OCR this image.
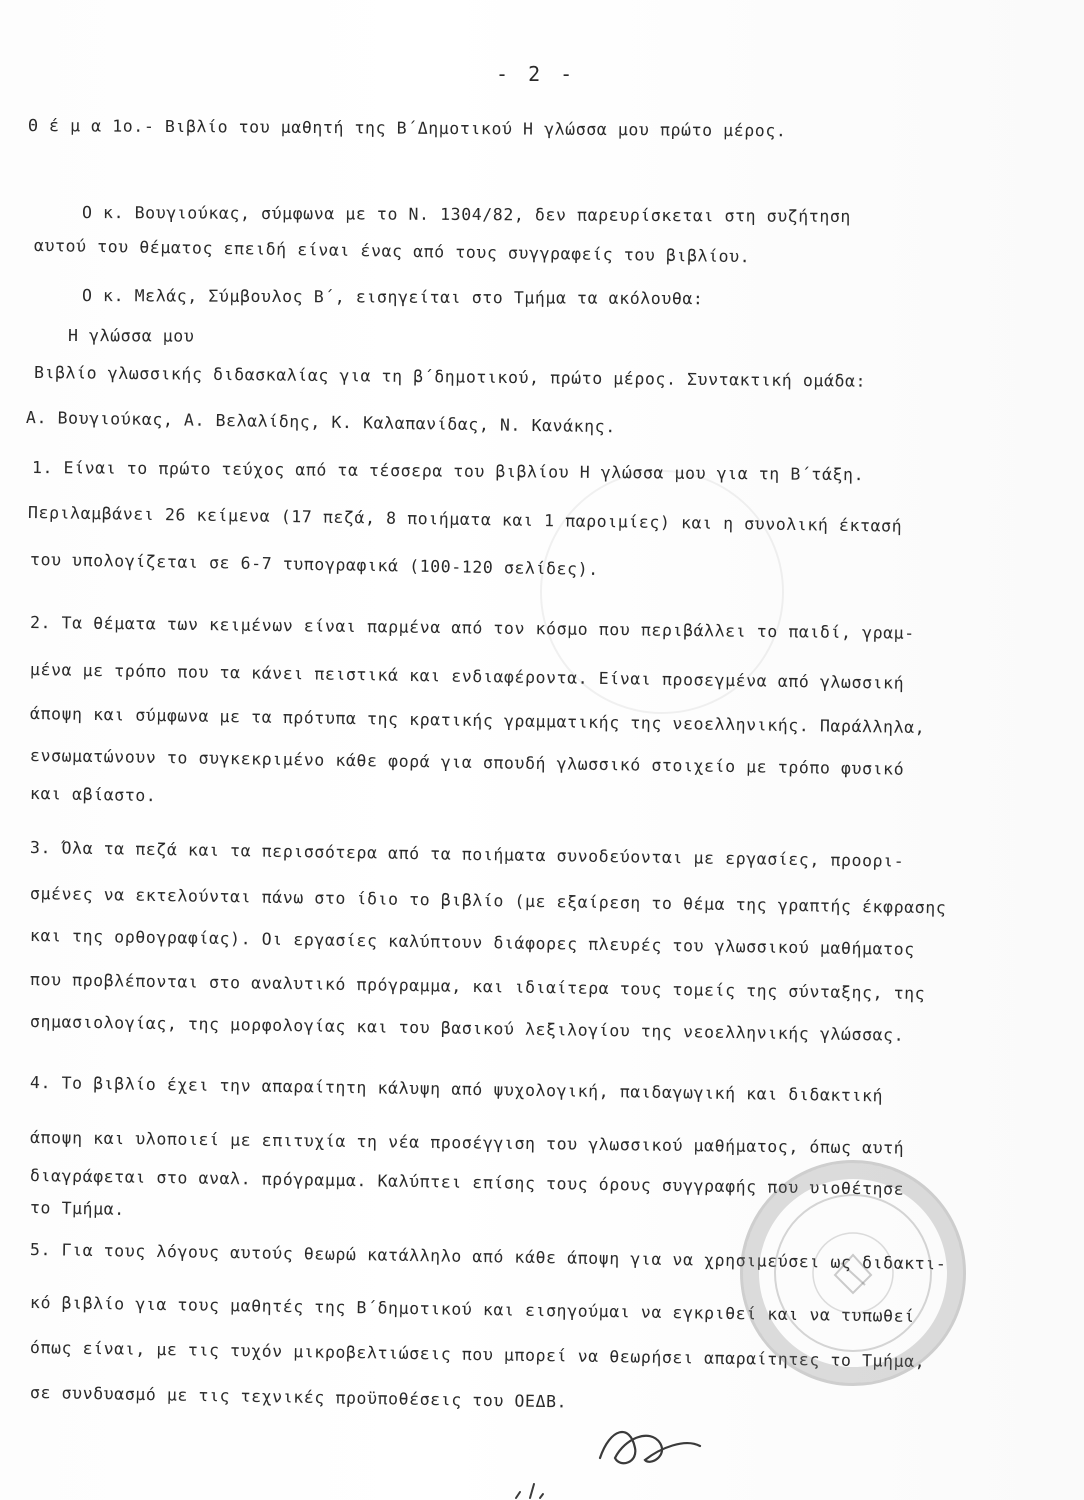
- 2 -
Θ έ μ α 1ο.- Βιβλίο του μαθητή της Β΄Δημοτικού Η γλώσσα μου πρώτο μέρος.
Ο κ. Βουγιούκας, σύμφωνα με το Ν. 1304/82, δεν παρευρίσκεται στη συζήτηση
αυτού του θέματος επειδή είναι ένας από τους συγγραφείς του βιβλίου.
Ο κ. Μελάς, Σύμβουλος Β΄, εισηγείται στο Τμήμα τα ακόλουθα:
Η γλώσσα μου
Βιβλίο γλωσσικής διδασκαλίας για τη β΄δημοτικού, πρώτο μέρος. Συντακτική ομάδα:
Α. Βουγιούκας, Α. Βελαλίδης, Κ. Καλαπανίδας, Ν. Κανάκης.
1. Είναι το πρώτο τεύχος από τα τέσσερα του βιβλίου Η γλώσσα μου για τη Β΄τάξη.
Περιλαμβάνει 26 κείμενα (17 πεζά, 8 ποιήματα και 1 παροιμίες) και η συνολική έκτασή
του υπολογίζεται σε 6-7 τυπογραφικά (100-120 σελίδες).
2. Τα θέματα των κειμένων είναι παρμένα από τον κόσμο που περιβάλλει το παιδί, γραμ-
μένα με τρόπο που τα κάνει πειστικά και ενδιαφέροντα. Είναι προσεγμένα από γλωσσική
άποψη και σύμφωνα με τα πρότυπα της κρατικής γραμματικής της νεοελληνικής. Παράλληλα,
ενσωματώνουν το συγκεκριμένο κάθε φορά για σπουδή γλωσσικό στοιχείο με τρόπο φυσικό
και αβίαστο.
3. Όλα τα πεζά και τα περισσότερα από τα ποιήματα συνοδεύονται με εργασίες, προορι-
σμένες να εκτελούνται πάνω στο ίδιο το βιβλίο (με εξαίρεση το θέμα της γραπτής έκφρασης
και της ορθογραφίας). Οι εργασίες καλύπτουν διάφορες πλευρές του γλωσσικού μαθήματος
που προβλέπονται στο αναλυτικό πρόγραμμα, και ιδιαίτερα τους τομείς της σύνταξης, της
σημασιολογίας, της μορφολογίας και του βασικού λεξιλογίου της νεοελληνικής γλώσσας.
4. Το βιβλίο έχει την απαραίτητη κάλυψη από ψυχολογική, παιδαγωγική και διδακτική
άποψη και υλοποιεί με επιτυχία τη νέα προσέγγιση του γλωσσικού μαθήματος, όπως αυτή
διαγράφεται στο αναλ. πρόγραμμα. Καλύπτει επίσης τους όρους συγγραφής που υιοθέτησε
το Τμήμα.
5. Για τους λόγους αυτούς θεωρώ κατάλληλο από κάθε άποψη για να χρησιμεύσει ως διδακτι-
κό βιβλίο για τους μαθητές της Β΄δημοτικού και εισηγούμαι να εγκριθεί και να τυπωθεί
όπως είναι, με τις τυχόν μικροβελτιώσεις που μπορεί να θεωρήσει απαραίτητες το Τμήμα,
σε συνδυασμό με τις τεχνικές προϋποθέσεις του ΟΕΔΒ.
